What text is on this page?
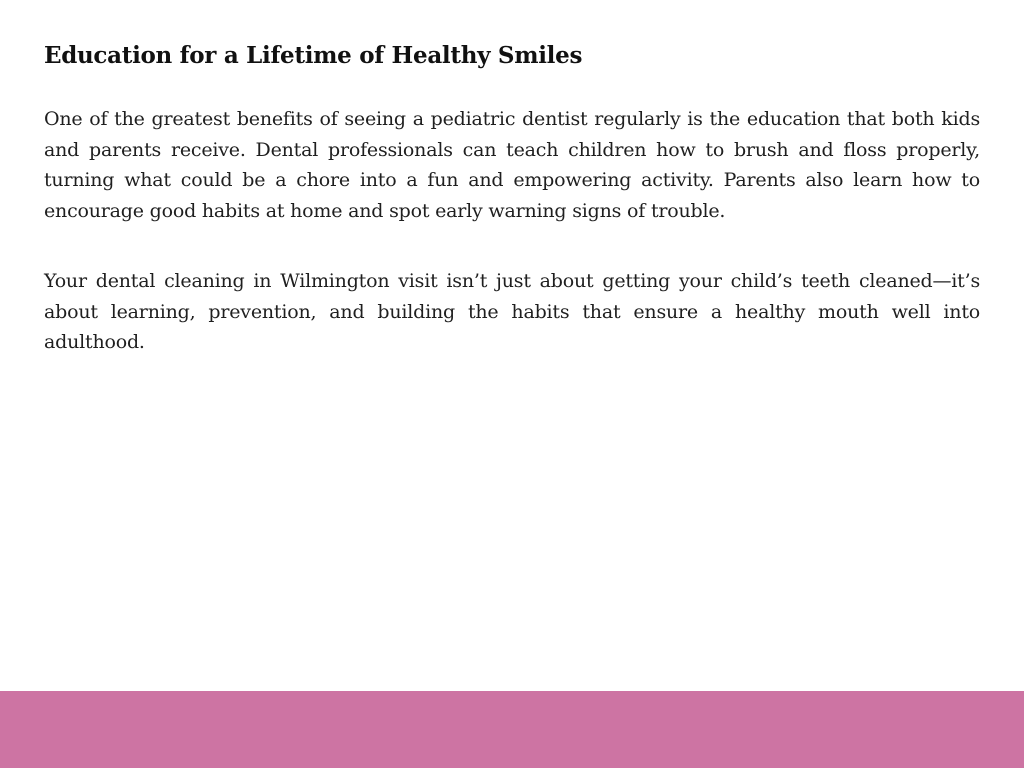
Education for a Lifetime of Healthy Smiles

One of the greatest benefits of seeing a pediatric dentist regularly is the education that both kids and parents receive. Dental professionals can teach children how to brush and floss properly, turning what could be a chore into a fun and empowering activity. Parents also learn how to encourage good habits at home and spot early warning signs of trouble.

Your dental cleaning in Wilmington visit isn’t just about getting your child’s teeth cleaned—it’s about learning, prevention, and building the habits that ensure a healthy mouth well into adulthood.
